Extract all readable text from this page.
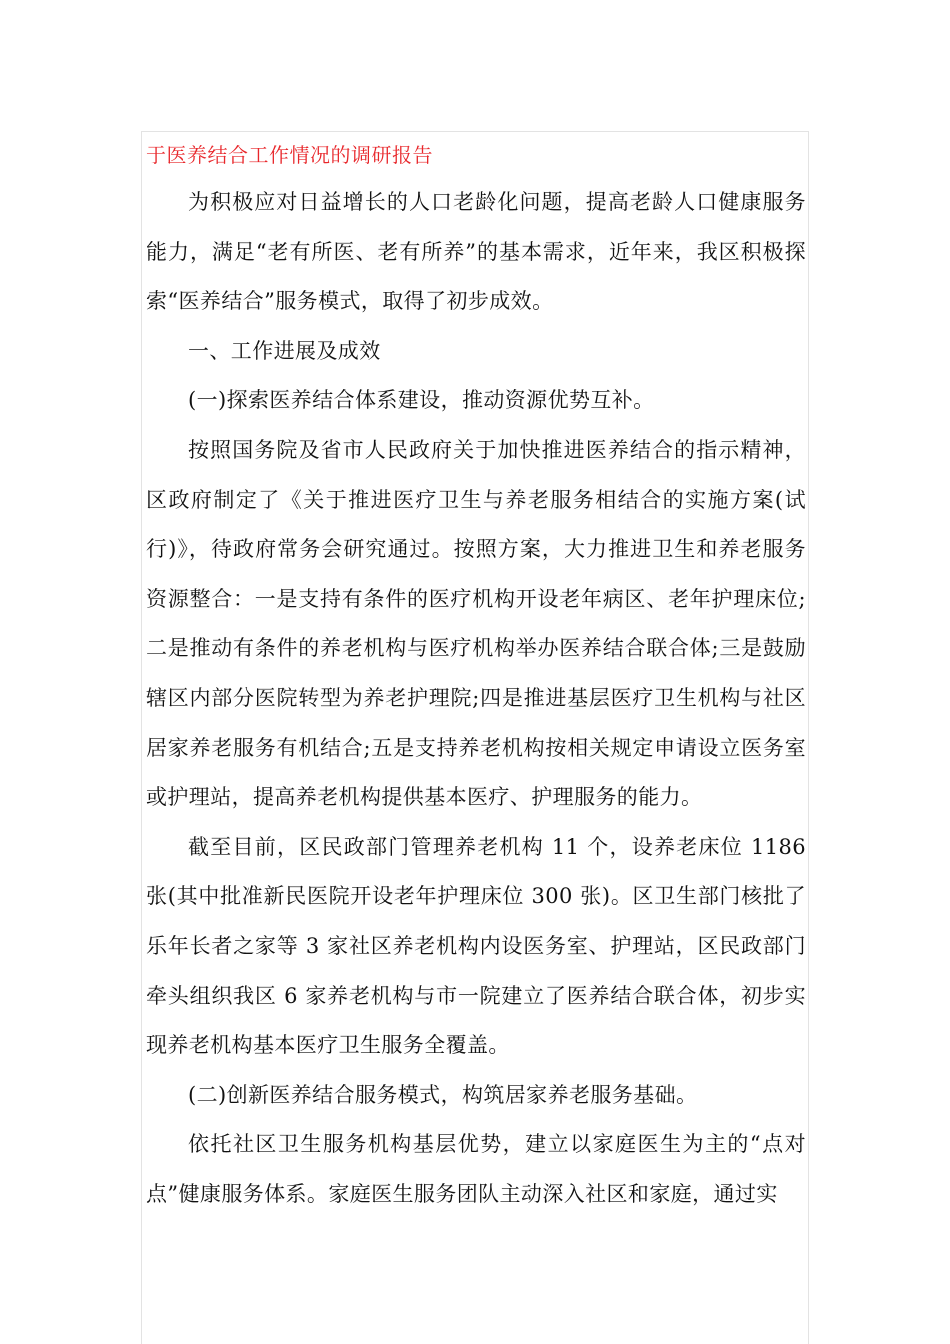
于医养结合工作情况的调研报告

为积极应对日益增长的人口老龄化问题，提高老龄人口健康服务能力，满足“老有所医、老有所养”的基本需求，近年来，我区积极探索“医养结合”服务模式，取得了初步成效。

一、工作进展及成效

(一)探索医养结合体系建设，推动资源优势互补。

按照国务院及省市人民政府关于加快推进医养结合的指示精神，区政府制定了《关于推进医疗卫生与养老服务相结合的实施方案(试行)》，待政府常务会研究通过。按照方案，大力推进卫生和养老服务资源整合：一是支持有条件的医疗机构开设老年病区、老年护理床位;二是推动有条件的养老机构与医疗机构举办医养结合联合体;三是鼓励辖区内部分医院转型为养老护理院;四是推进基层医疗卫生机构与社区居家养老服务有机结合;五是支持养老机构按相关规定申请设立医务室或护理站，提高养老机构提供基本医疗、护理服务的能力。

截至目前，区民政部门管理养老机构 11 个，设养老床位 1186 张(其中批准新民医院开设老年护理床位 300 张)。区卫生部门核批了乐年长者之家等 3 家社区养老机构内设医务室、护理站，区民政部门牵头组织我区 6 家养老机构与市一院建立了医养结合联合体，初步实现养老机构基本医疗卫生服务全覆盖。

(二)创新医养结合服务模式，构筑居家养老服务基础。

依托社区卫生服务机构基层优势，建立以家庭医生为主的“点对点”健康服务体系。家庭医生服务团队主动深入社区和家庭，通过实
